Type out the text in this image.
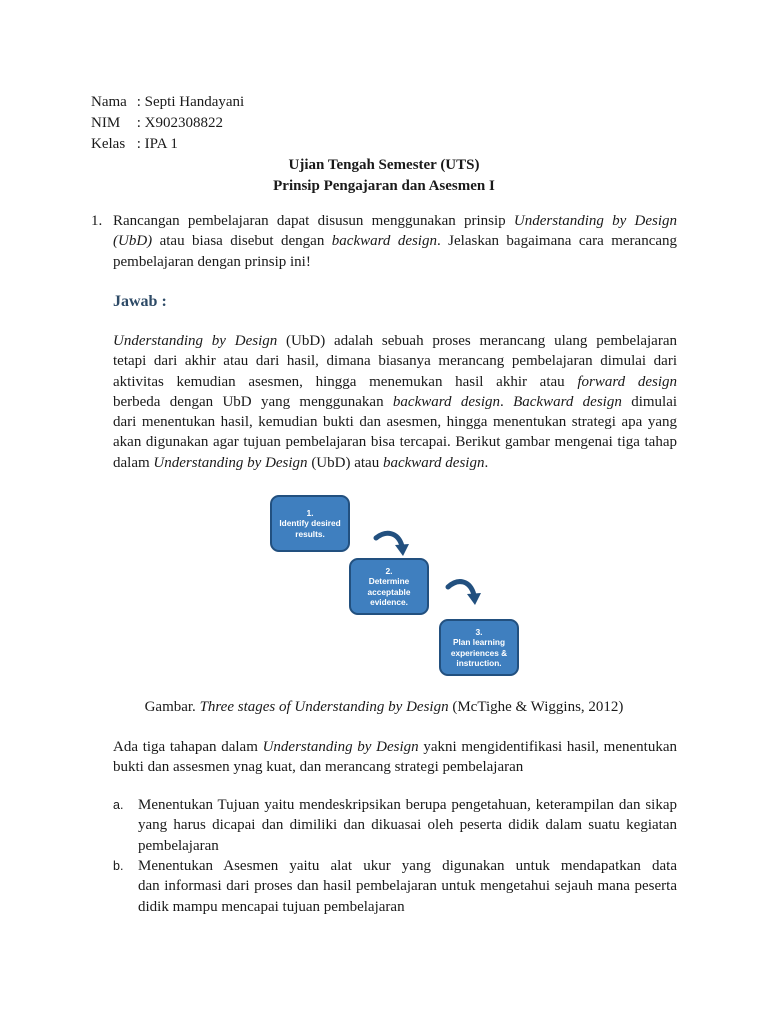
Nama : Septi Handayani
NIM : X902308822
Kelas : IPA 1
Ujian Tengah Semester (UTS)
Prinsip Pengajaran dan Asesmen I
1. Rancangan pembelajaran dapat disusun menggunakan prinsip Understanding by Design
(UbD) atau biasa disebut dengan backward design. Jelaskan bagaimana cara merancang
pembelajaran dengan prinsip ini!
Jawab :
Understanding by Design (UbD) adalah sebuah proses merancang ulang pembelajaran
tetapi dari akhir atau dari hasil, dimana biasanya merancang pembelajaran dimulai dari
aktivitas kemudian asesmen, hingga menemukan hasil akhir atau forward design
berbeda dengan UbD yang menggunakan backward design. Backward design dimulai
dari menentukan hasil, kemudian bukti dan asesmen, hingga menentukan strategi apa yang
akan digunakan agar tujuan pembelajaran bisa tercapai. Berikut gambar mengenai tiga tahap
dalam Understanding by Design (UbD) atau backward design.
1.
Identify desired
results.
2.
Determine
acceptable
evidence.
3.
Plan learning
experiences &
instruction.
Gambar. Three stages of Understanding by Design (McTighe & Wiggins, 2012)
Ada tiga tahapan dalam Understanding by Design yakni mengidentifikasi hasil, menentukan
bukti dan assesmen ynag kuat, dan merancang strategi pembelajaran
a. Menentukan Tujuan yaitu mendeskripsikan berupa pengetahuan, keterampilan dan sikap
yang harus dicapai dan dimiliki dan dikuasai oleh peserta didik dalam suatu kegiatan
pembelajaran
b. Menentukan Asesmen yaitu alat ukur yang digunakan untuk mendapatkan data
dan informasi dari proses dan hasil pembelajaran untuk mengetahui sejauh mana peserta
didik mampu mencapai tujuan pembelajaran
